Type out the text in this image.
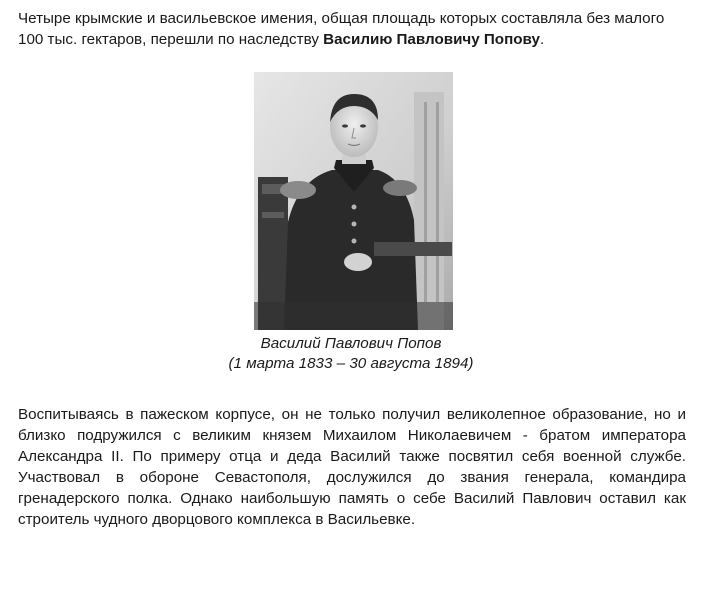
Четыре крымские и васильевское имения, общая площадь которых составляла без малого 100 тыс. гектаров, перешли по наследству Василию Павловичу Попову.

Василий Павлович Попов
(1 марта 1833 – 30 августа 1894)

Воспитываясь в пажеском корпусе, он не только получил великолепное образование, но и близко подружился с великим князем Михаилом Николаевичем - братом императора Александра II. По примеру отца и деда Василий также посвятил себя военной службе. Участвовал в обороне Севастополя, дослужился до звания генерала, командира гренадерского полка. Однако наибольшую память о себе Василий Павлович оставил как строитель чудного дворцового комплекса в Васильевке.
